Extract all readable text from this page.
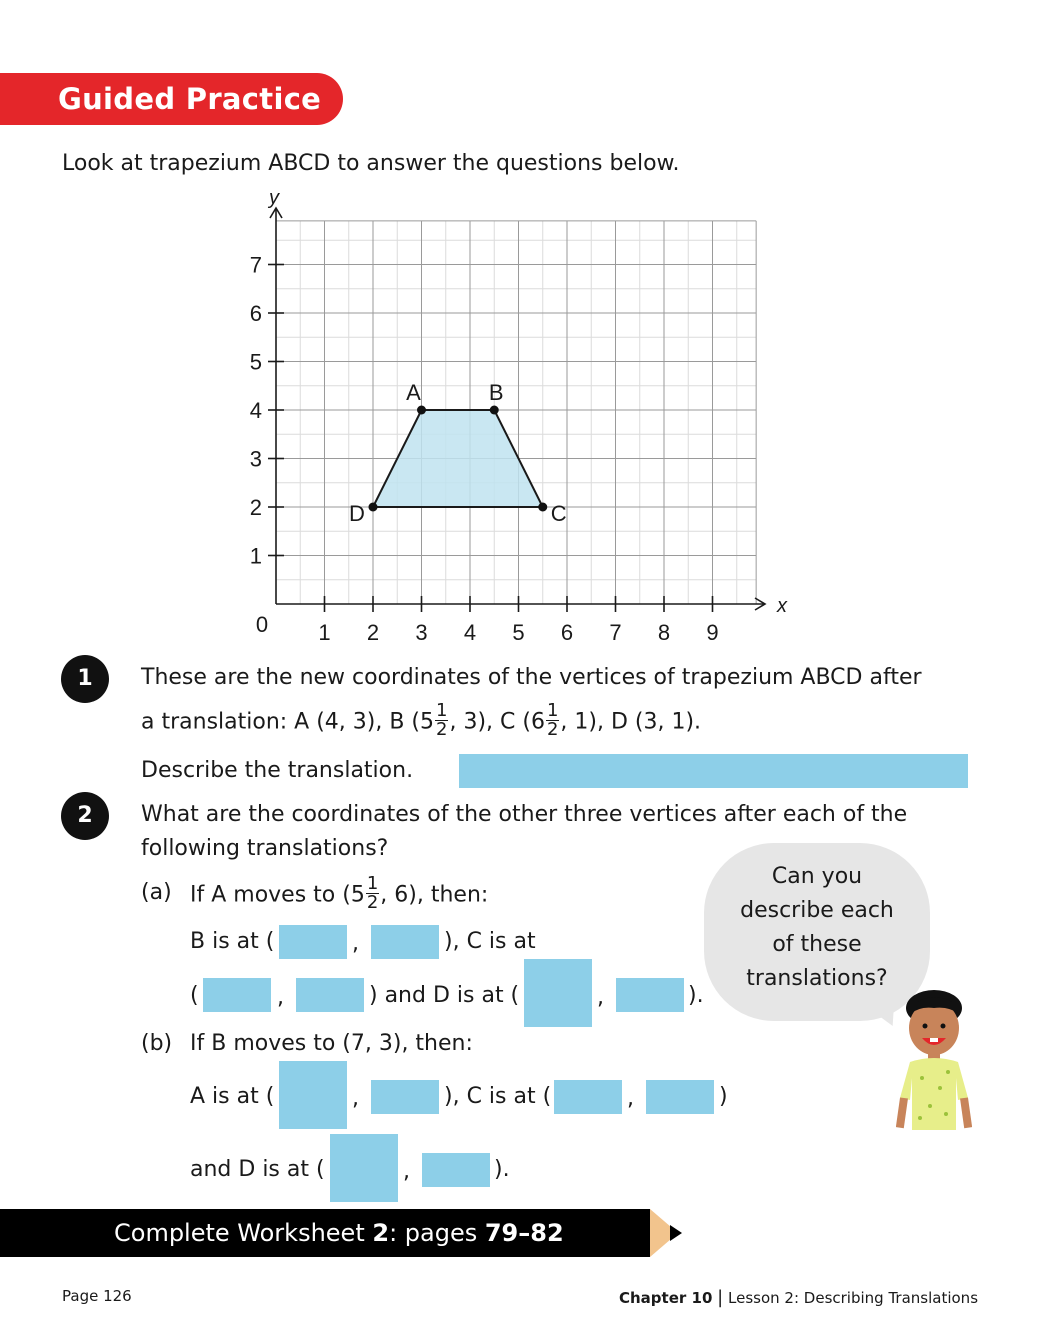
Guided Practice
Look at trapezium ABCD to answer the questions below.
1 2 3 4 5 6 7 8 9
1
2
3
4
5
6
7
0
x
y
A	B
C
D
1	These are the new coordinates of the vertices of trapezium ABCD after
a translation: A (4, 3), B ($5 \frac{1}{2}$ , 3), C ($6 \frac{1}{2}$ , 1), D (3, 1).
Describe the translation.
2	What are the coordinates of the other three vertices after each of the
following translations?
(a) If A moves to ($5 \frac{1}{2}$ , 6), then:
B is at (	,	), C is at
(	,	) and D is at (	,	).
(b) If B moves to (7, 3), then:
A is at (	,	), C is at (	,	)
and D is at (	,	).
Can you
describe each
of these
translations?
Complete Worksheet 2: pages 79–82
Page 126	Chapter 10 | Lesson 2: Describing Translations
